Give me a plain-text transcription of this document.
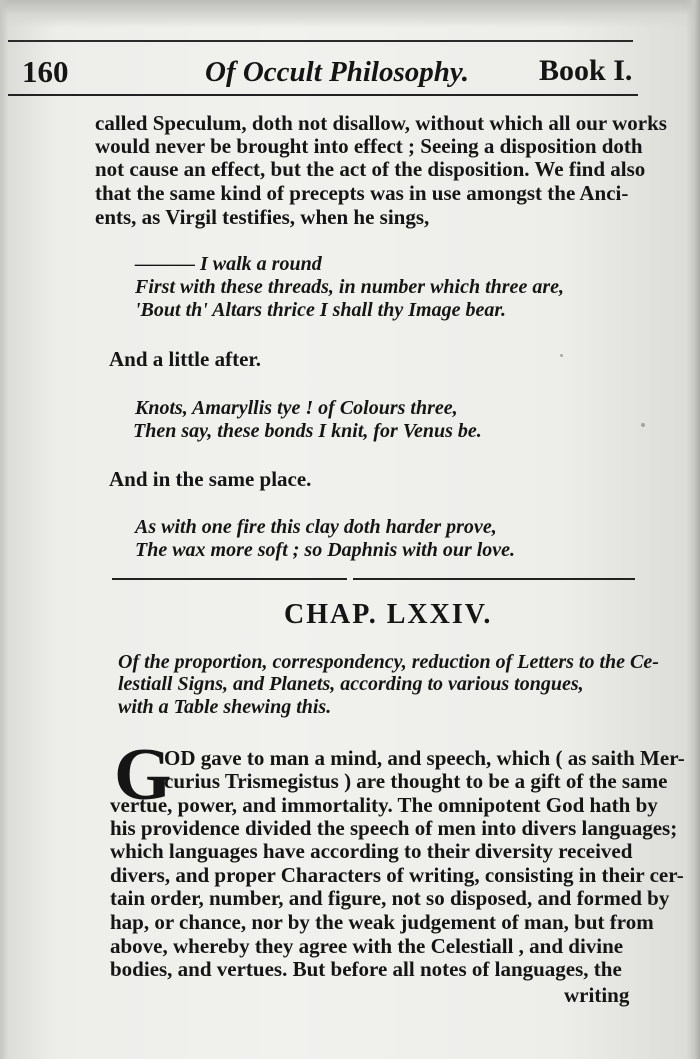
160	Of Occult Philosophy. Book I.
called Speculum, doth not disallow, without which all our works
would never be brought into effect ; Seeing a disposition doth
not cause an effect, but the act of the disposition. We find also
that the same kind of precepts was in use amongst the Anci-
ents, as Virgil testifies, when he sings,
——— I walk a round
First with these threads, in number which three are,
'Bout th' Altars thrice I shall thy Image bear.
And a little after.
Knots, Amaryllis tye ! of Colours three,
Then say, these bonds I knit, for Venus be.
And in the same place.
As with one fire this clay doth harder prove,
The wax more soft ; so Daphnis with our love.
CHAP. LXXIV.
Of the proportion, correspondency, reduction of Letters to the Ce-
lestiall Signs, and Planets, according to various tongues,
with a Table shewing this.
G
OD gave to man a mind, and speech, which ( as saith Mer-
curius Trismegistus ) are thought to be a gift of the same
vertue, power, and immortality. The omnipotent God hath by
his providence divided the speech of men into divers languages;
which languages have according to their diversity received
divers, and proper Characters of writing, consisting in their cer-
tain order, number, and figure, not so disposed, and formed by
hap, or chance, nor by the weak judgement of man, but from
above, whereby they agree with the Celestiall , and divine
bodies, and vertues. But before all notes of languages, the
writing
